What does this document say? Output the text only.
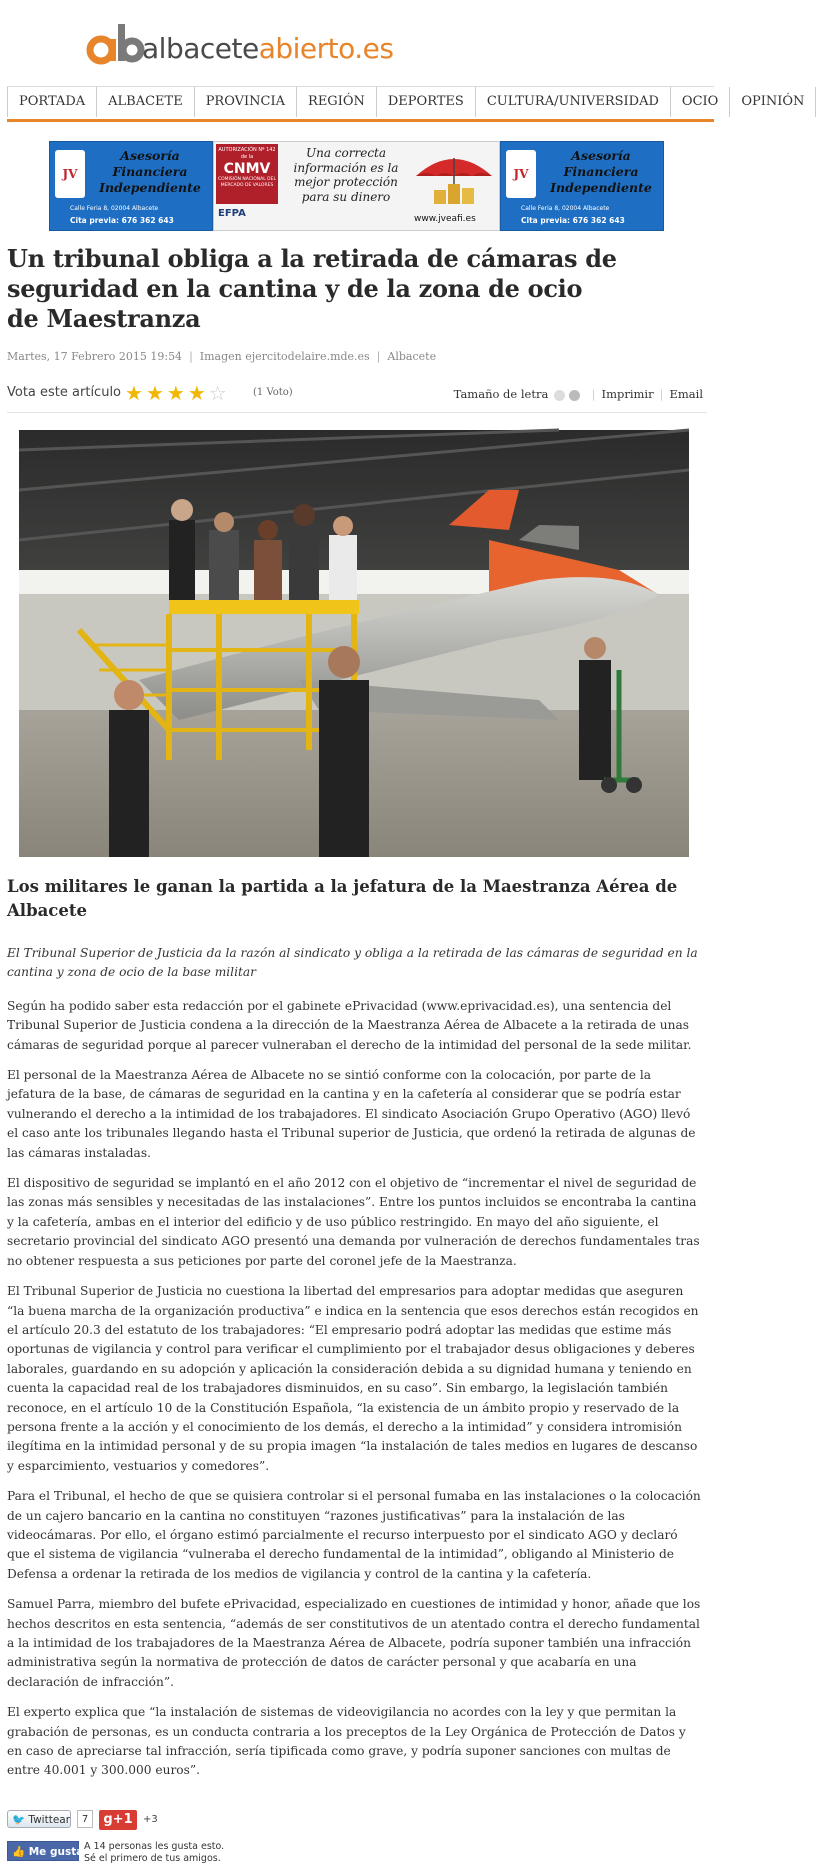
albaceteabierto.es
PORTADA ALBACETE PROVINCIA REGIÓN DEPORTES CULTURA/UNIVERSIDAD OCIO OPINIÓN
JV
Asesoría Financiera Independiente
Calle Feria 8, 02004 Albacete
Cita previa: 676 362 643
AUTORIZACIÓN Nº 142 de la
CNMV
COMISIÓN NACIONAL DEL MERCADO DE VALORES
EFPA
Una correcta información es la mejor protección para su dinero
www.jveafi.es
JV
Asesoría Financiera Independiente
Calle Feria 8, 02004 Albacete
Cita previa: 676 362 643
Un tribunal obliga a la retirada de cámaras de seguridad en la cantina y de la zona de ocio de Maestranza
Martes, 17 Febrero 2015 19:54 | Imagen ejercitodelaire.mde.es | Albacete
Vota este artículo ★★★★☆ (1 Voto)	Tamaño de letra	| Imprimir | Email
Los militares le ganan la partida a la jefatura de la Maestranza Aérea de Albacete

El Tribunal Superior de Justicia da la razón al sindicato y obliga a la retirada de las cámaras de seguridad en la cantina y zona de ocio de la base militar

Según ha podido saber esta redacción por el gabinete ePrivacidad (www.eprivacidad.es), una sentencia del Tribunal Superior de Justicia condena a la dirección de la Maestranza Aérea de Albacete a la retirada de unas cámaras de seguridad porque al parecer vulneraban el derecho de la intimidad del personal de la sede militar.

El personal de la Maestranza Aérea de Albacete no se sintió conforme con la colocación, por parte de la jefatura de la base, de cámaras de seguridad en la cantina y en la cafetería al considerar que se podría estar vulnerando el derecho a la intimidad de los trabajadores. El sindicato Asociación Grupo Operativo (AGO) llevó el caso ante los tribunales llegando hasta el Tribunal superior de Justicia, que ordenó la retirada de algunas de las cámaras instaladas.

El dispositivo de seguridad se implantó en el año 2012 con el objetivo de “incrementar el nivel de seguridad de las zonas más sensibles y necesitadas de las instalaciones”. Entre los puntos incluidos se encontraba la cantina y la cafetería, ambas en el interior del edificio y de uso público restringido. En mayo del año siguiente, el secretario provincial del sindicato AGO presentó una demanda por vulneración de derechos fundamentales tras no obtener respuesta a sus peticiones por parte del coronel jefe de la Maestranza.

El Tribunal Superior de Justicia no cuestiona la libertad del empresarios para adoptar medidas que aseguren “la buena marcha de la organización productiva” e indica en la sentencia que esos derechos están recogidos en el artículo 20.3 del estatuto de los trabajadores: “El empresario podrá adoptar las medidas que estime más oportunas de vigilancia y control para verificar el cumplimiento por el trabajador desus obligaciones y deberes laborales, guardando en su adopción y aplicación la consideración debida a su dignidad humana y teniendo en cuenta la capacidad real de los trabajadores disminuidos, en su caso”. Sin embargo, la legislación también reconoce, en el artículo 10 de la Constitución Española, “la existencia de un ámbito propio y reservado de la persona frente a la acción y el conocimiento de los demás, el derecho a la intimidad” y considera intromisión ilegítima en la intimidad personal y de su propia imagen “la instalación de tales medios en lugares de descanso y esparcimiento, vestuarios y comedores”.

Para el Tribunal, el hecho de que se quisiera controlar si el personal fumaba en las instalaciones o la colocación de un cajero bancario en la cantina no constituyen “razones justificativas” para la instalación de las videocámaras. Por ello, el órgano estimó parcialmente el recurso interpuesto por el sindicato AGO y declaró que el sistema de vigilancia “vulneraba el derecho fundamental de la intimidad”, obligando al Ministerio de Defensa a ordenar la retirada de los medios de vigilancia y control de la cantina y la cafetería.

Samuel Parra, miembro del bufete ePrivacidad, especializado en cuestiones de intimidad y honor, añade que los hechos descritos en esta sentencia, “además de ser constitutivos de un atentado contra el derecho fundamental a la intimidad de los trabajadores de la Maestranza Aérea de Albacete, podría suponer también una infracción administrativa según la normativa de protección de datos de carácter personal y que acabaría en una declaración de infracción”.

El experto explica que “la instalación de sistemas de videovigilancia no acordes con la ley y que permitan la grabación de personas, es un conducta contraria a los preceptos de la Ley Orgánica de Protección de Datos y en caso de apreciarse tal infracción, sería tipificada como grave, y podría suponer sanciones con multas de entre 40.001 y 300.000 euros”.

🐦 Twittear	7	g+1	+3
👍 Me gusta A 14 personas les gusta esto.
Sé el primero de tus amigos.
